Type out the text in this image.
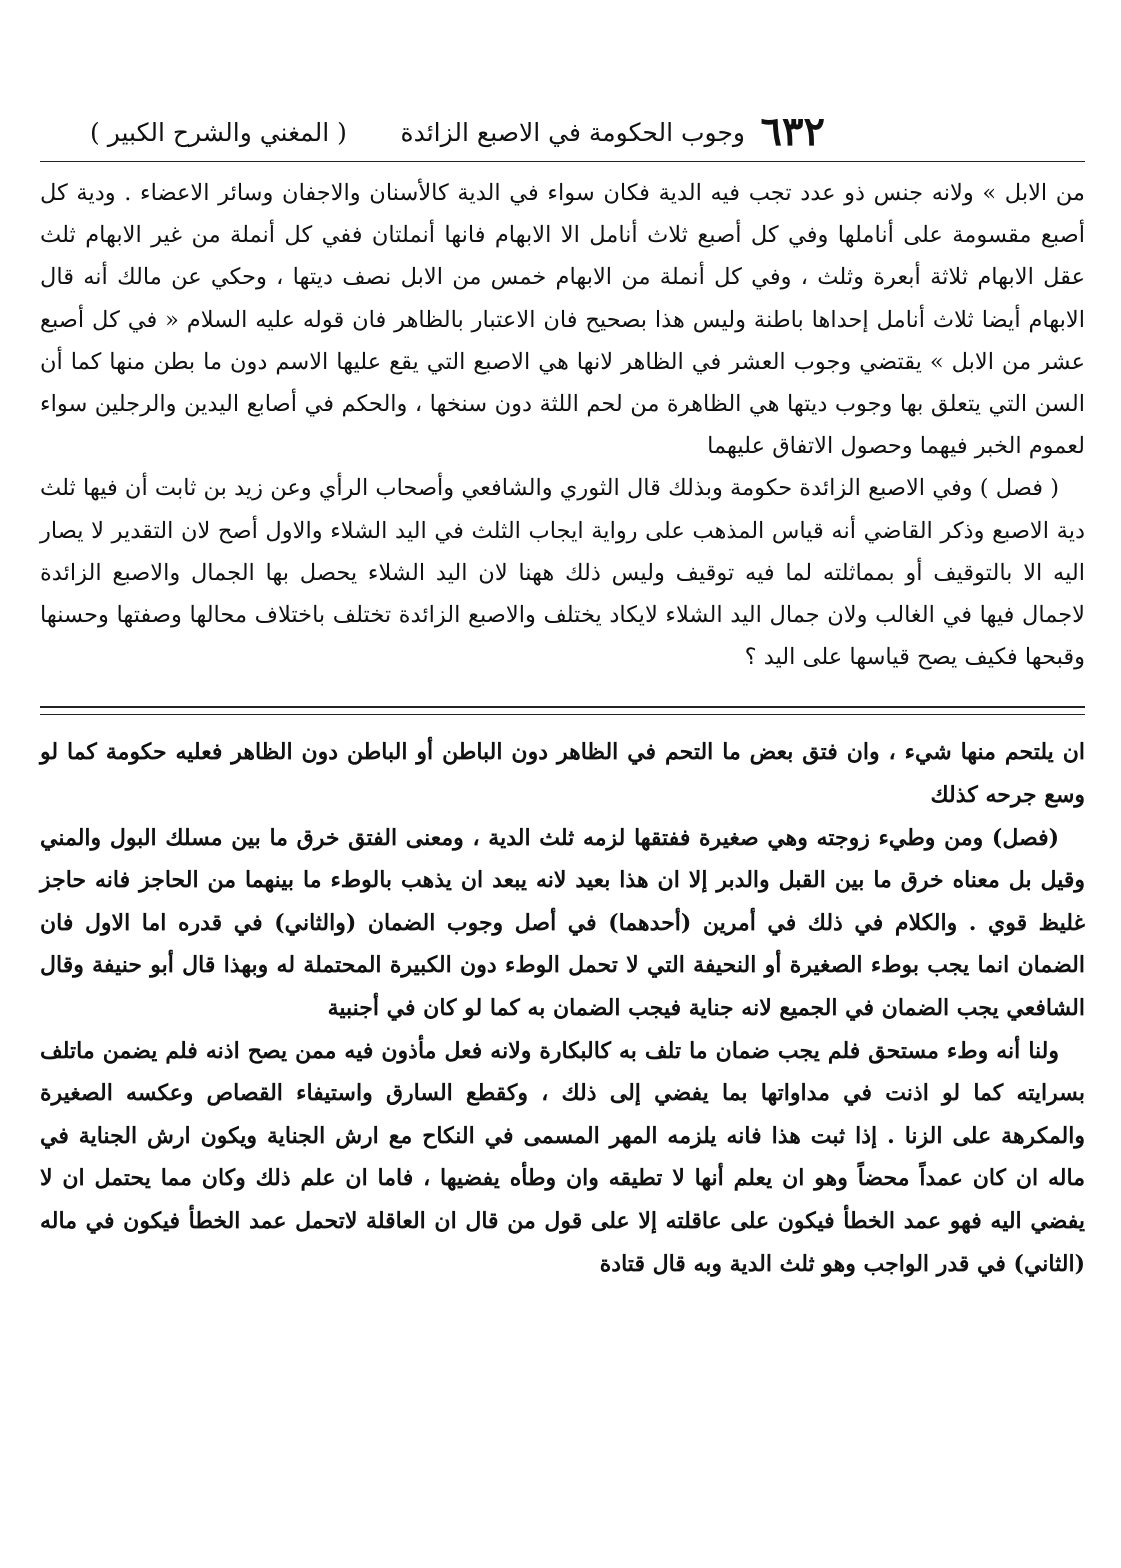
٦٣٢
وجوب الحكومة في الاصبع الزائدة
( المغني والشرح الكبير )

من الابل » ولانه جنس ذو عدد تجب فيه الدية فكان سواء في الدية كالأسنان والاجفان وسائر الاعضاء . ودية كل أصبع مقسومة على أناملها وفي كل أصبع ثلاث أنامل الا الابهام فانها أنملتان ففي كل أنملة من غير الابهام ثلث عقل الابهام ثلاثة أبعرة وثلث ، وفي كل أنملة من الابهام خمس من الابل نصف ديتها ، وحكي عن مالك أنه قال الابهام أيضا ثلاث أنامل إحداها باطنة وليس هذا بصحيح فان الاعتبار بالظاهر فان قوله عليه السلام « في كل أصبع عشر من الابل » يقتضي وجوب العشر في الظاهر لانها هي الاصبع التي يقع عليها الاسم دون ما بطن منها كما أن السن التي يتعلق بها وجوب ديتها هي الظاهرة من لحم اللثة دون سنخها ، والحكم في أصابع اليدين والرجلين سواء لعموم الخبر فيهما وحصول الاتفاق عليهما

( فصل ) وفي الاصبع الزائدة حكومة وبذلك قال الثوري والشافعي وأصحاب الرأي وعن زيد بن ثابت أن فيها ثلث دية الاصبع وذكر القاضي أنه قياس المذهب على رواية ايجاب الثلث في اليد الشلاء والاول أصح لان التقدير لا يصار اليه الا بالتوقيف أو بمماثلته لما فيه توقيف وليس ذلك ههنا لان اليد الشلاء يحصل بها الجمال والاصبع الزائدة لاجمال فيها في الغالب ولان جمال اليد الشلاء لايكاد يختلف والاصبع الزائدة تختلف باختلاف محالها وصفتها وحسنها وقبحها فكيف يصح قياسها على اليد ؟

ان يلتحم منها شيء ، وان فتق بعض ما التحم في الظاهر دون الباطن أو الباطن دون الظاهر فعليه حكومة كما لو وسع جرحه كذلك

(فصل) ومن وطيء زوجته وهي صغيرة ففتقها لزمه ثلث الدية ، ومعنى الفتق خرق ما بين مسلك البول والمني وقيل بل معناه خرق ما بين القبل والدبر إلا ان هذا بعيد لانه يبعد ان يذهب بالوطء ما بينهما من الحاجز فانه حاجز غليظ قوي . والكلام في ذلك في أمرين (أحدهما) في أصل وجوب الضمان (والثاني) في قدره اما الاول فان الضمان انما يجب بوطء الصغيرة أو النحيفة التي لا تحمل الوطء دون الكبيرة المحتملة له وبهذا قال أبو حنيفة وقال الشافعي يجب الضمان في الجميع لانه جناية فيجب الضمان به كما لو كان في أجنبية

ولنا أنه وطء مستحق فلم يجب ضمان ما تلف به كالبكارة ولانه فعل مأذون فيه ممن يصح اذنه فلم يضمن ماتلف بسرايته كما لو اذنت في مداواتها بما يفضي إلى ذلك ، وكقطع السارق واستيفاء القصاص وعكسه الصغيرة والمكرهة على الزنا . إذا ثبت هذا فانه يلزمه المهر المسمى في النكاح مع ارش الجناية ويكون ارش الجناية في ماله ان كان عمداً محضاً وهو ان يعلم أنها لا تطيقه وان وطأه يفضيها ، فاما ان علم ذلك وكان مما يحتمل ان لا يفضي اليه فهو عمد الخطأ فيكون على عاقلته إلا على قول من قال ان العاقلة لاتحمل عمد الخطأ فيكون في ماله (الثاني) في قدر الواجب وهو ثلث الدية وبه قال قتادة
